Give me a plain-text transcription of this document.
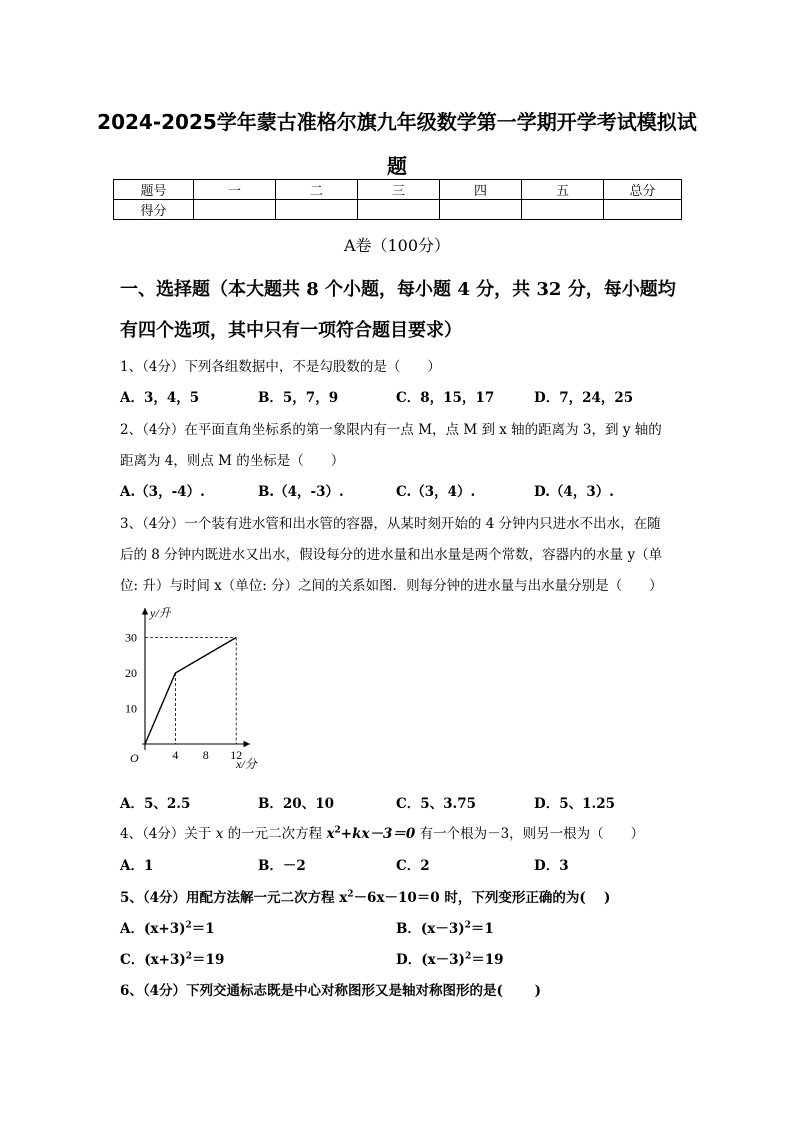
2024-2025学年蒙古准格尔旗九年级数学第一学期开学考试模拟试
题
题号	一	二	三	四	五	总分
得分						
A卷（100分）
一、选择题（本大题共 8 个小题，每小题 4 分，共 32 分，每小题均
有四个选项，其中只有一项符合题目要求）
1、（4分）下列各组数据中，不是勾股数的是（　　）
A．3，4，5	B．5，7，9	C．8，15，17	D．7，24，25
2、（4分）在平面直角坐标系的第一象限内有一点 M，点 M 到 x 轴的距离为 3，到 y 轴的
距离为 4，则点 M 的坐标是（　　）
A.（3，-4）.	B.（4，-3）.	C.（3，4）.	D.（4，3）.
3、（4分）一个装有进水管和出水管的容器，从某时刻开始的 4 分钟内只进水不出水，在随
后的 8 分钟内既进水又出水，假设每分的进水量和出水量是两个常数，容器内的水量 y（单
位: 升）与时间 x（单位: 分）之间的关系如图．则每分钟的进水量与出水量分别是（　　）
y/升
x/分
O
10
20
30
4 8 12
A．5、2.5	B．20、10	C．5、3.75	D．5、1.25
4、（4分）关于 x 的一元二次方程 $x^2+kx-3=0$ 有一个根为－3，则另一根为（　　）
A．1	B．－2	C．2	D．3
5、（4分）用配方法解一元二次方程 $x^2-6x-10=0$ 时，下列变形正确的为(　 )
A．$(x+3)^2=1$	B．$(x-3)^2=1$
C．$(x+3)^2=19$	D．$(x-3)^2=19$
6、（4分）下列交通标志既是中心对称图形又是轴对称图形的是(　 　)
